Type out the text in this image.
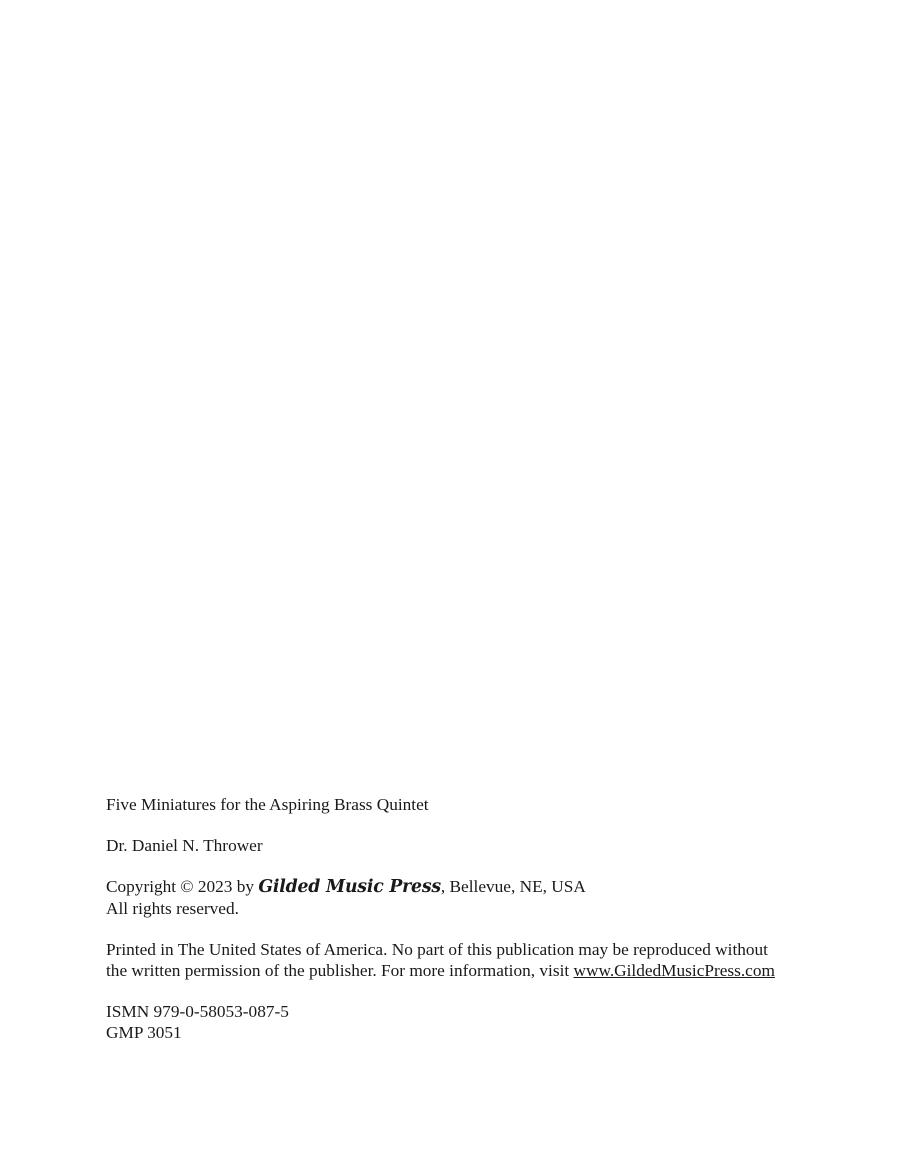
Five Miniatures for the Aspiring Brass Quintet

Dr. Daniel N. Thrower

Copyright © 2023 by Gilded Music Press, Bellevue, NE, USA

All rights reserved.

Printed in The United States of America. No part of this publication may be reproduced without

the written permission of the publisher. For more information, visit www.GildedMusicPress.com

ISMN 979-0-58053-087-5

GMP 3051
